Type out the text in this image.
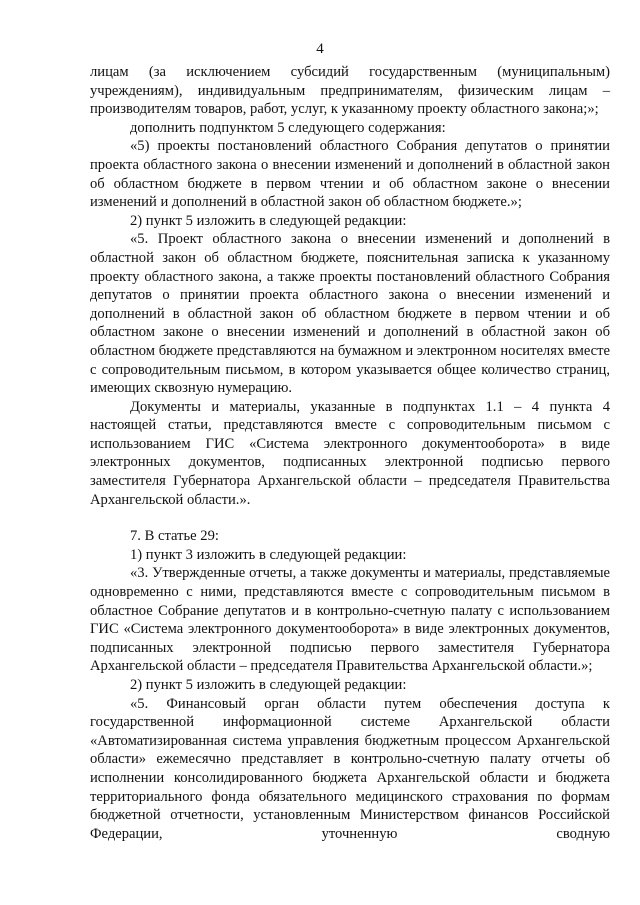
4

лицам (за исключением субсидий государственным (муниципальным) учреждениям), индивидуальным предпринимателям, физическим лицам – производителям товаров, работ, услуг, к указанному проекту областного закона;»;

дополнить подпунктом 5 следующего содержания:

«5) проекты постановлений областного Собрания депутатов о принятии проекта областного закона о внесении изменений и дополнений в областной закон об областном бюджете в первом чтении и об областном законе о внесении изменений и дополнений в областной закон об областном бюджете.»;

2) пункт 5 изложить в следующей редакции:

«5. Проект областного закона о внесении изменений и дополнений в областной закон об областном бюджете, пояснительная записка к указанному проекту областного закона, а также проекты постановлений областного Собрания депутатов о принятии проекта областного закона о внесении изменений и дополнений в областной закон об областном бюджете в первом чтении и об областном законе о внесении изменений и дополнений в областной закон об областном бюджете представляются на бумажном и электронном носителях вместе с сопроводительным письмом, в котором указывается общее количество страниц, имеющих сквозную нумерацию.

Документы и материалы, указанные в подпунктах 1.1 – 4 пункта 4 настоящей статьи, представляются вместе с сопроводительным письмом с использованием ГИС «Система электронного документооборота» в виде электронных документов, подписанных электронной подписью первого заместителя Губернатора Архангельской области – председателя Правительства Архангельской области.».

7. В статье 29:

1) пункт 3 изложить в следующей редакции:

«3. Утвержденные отчеты, а также документы и материалы, представляемые одновременно с ними, представляются вместе с сопроводительным письмом в областное Собрание депутатов и в контрольно-счетную палату с использованием ГИС «Система электронного документооборота» в виде электронных документов, подписанных электронной подписью первого заместителя Губернатора Архангельской области – председателя Правительства Архангельской области.»;

2) пункт 5 изложить в следующей редакции:

«5. Финансовый орган области путем обеспечения доступа к государственной информационной системе Архангельской области «Автоматизированная система управления бюджетным процессом Архангельской области» ежемесячно представляет в контрольно-счетную палату отчеты об исполнении консолидированного бюджета Архангельской области и бюджета территориального фонда обязательного медицинского страхования по формам бюджетной отчетности, установленным Министерством финансов Российской Федерации, уточненную сводную
